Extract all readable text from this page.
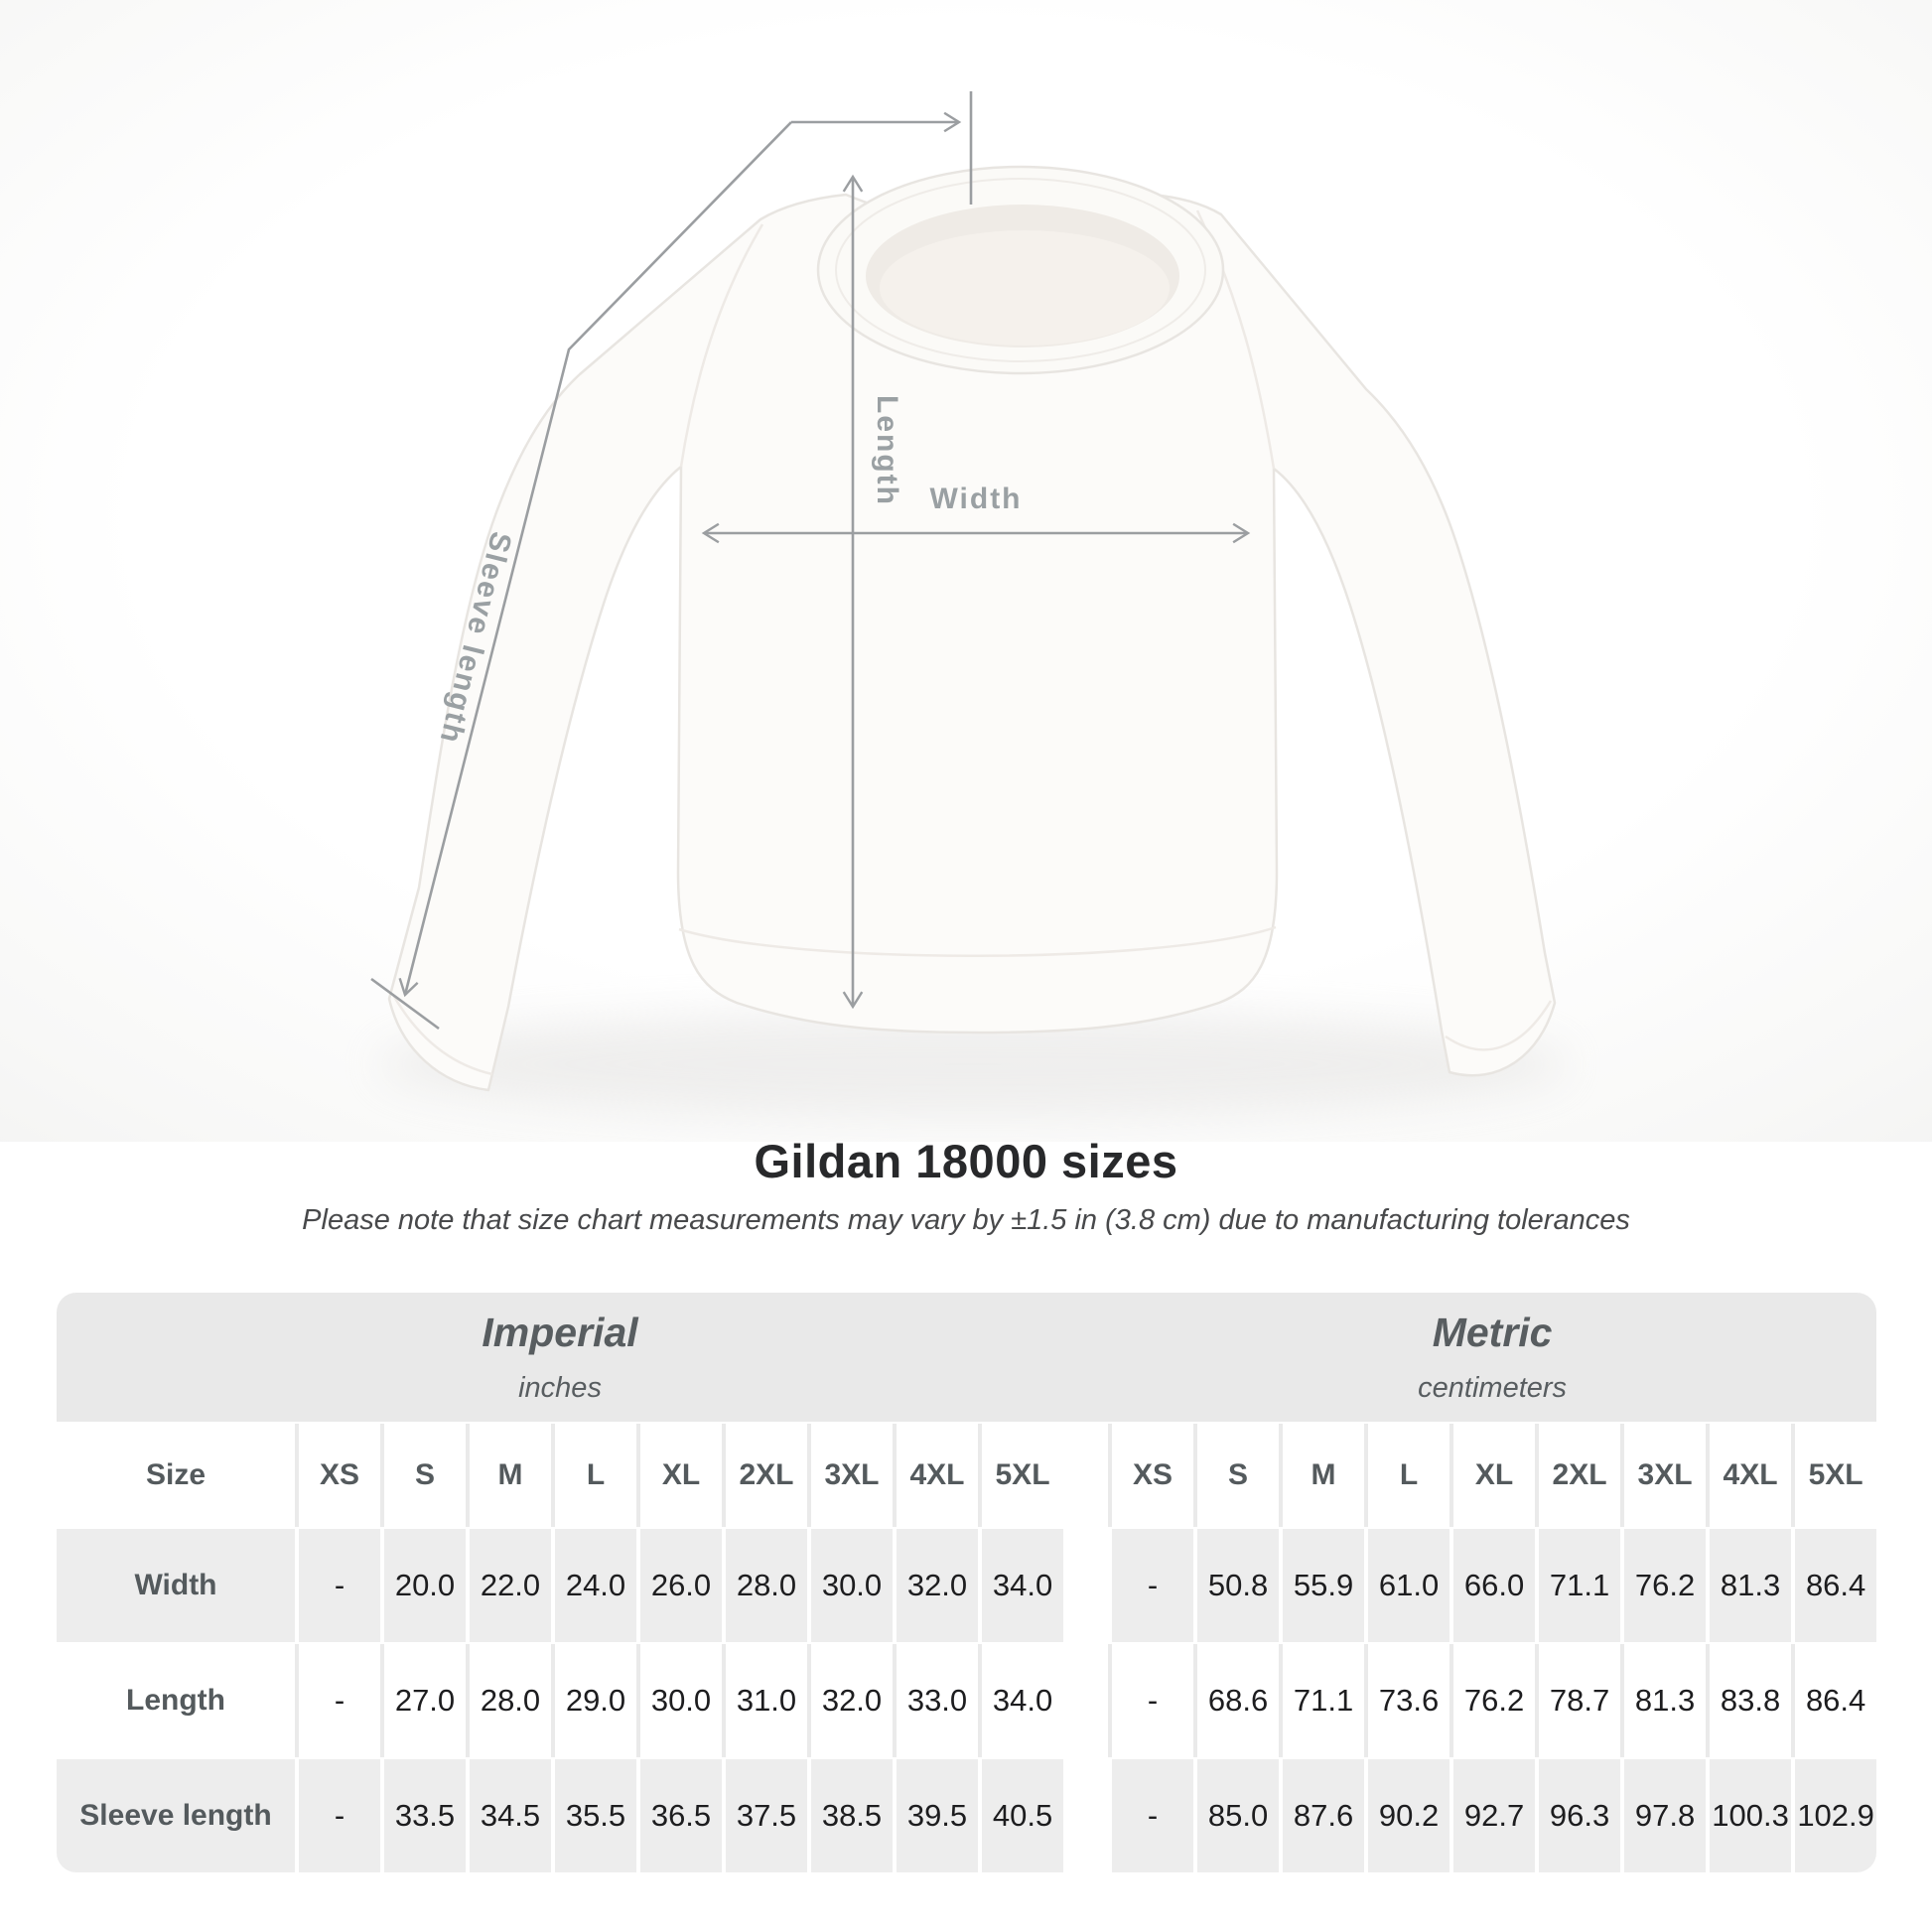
Length Width
Sleeve length
Gildan 18000 sizes

Please note that size chart measurements may vary by ±1.5 in (3.8 cm) due to manufacturing tolerances

Imperial
inches

Metric
centimeters

Size	XS	S	M	L	XL	2XL	3XL	4XL	5XL		XS	S	M	L	XL	2XL	3XL	4XL	5XL
Width	-	20.0	22.0	24.0	26.0	28.0	30.0	32.0	34.0		-	50.8	55.9	61.0	66.0	71.1	76.2	81.3	86.4
Length	-	27.0	28.0	29.0	30.0	31.0	32.0	33.0	34.0		-	68.6	71.1	73.6	76.2	78.7	81.3	83.8	86.4
Sleeve length	-	33.5	34.5	35.5	36.5	37.5	38.5	39.5	40.5		-	85.0	87.6	90.2	92.7	96.3	97.8	100.3	102.9
